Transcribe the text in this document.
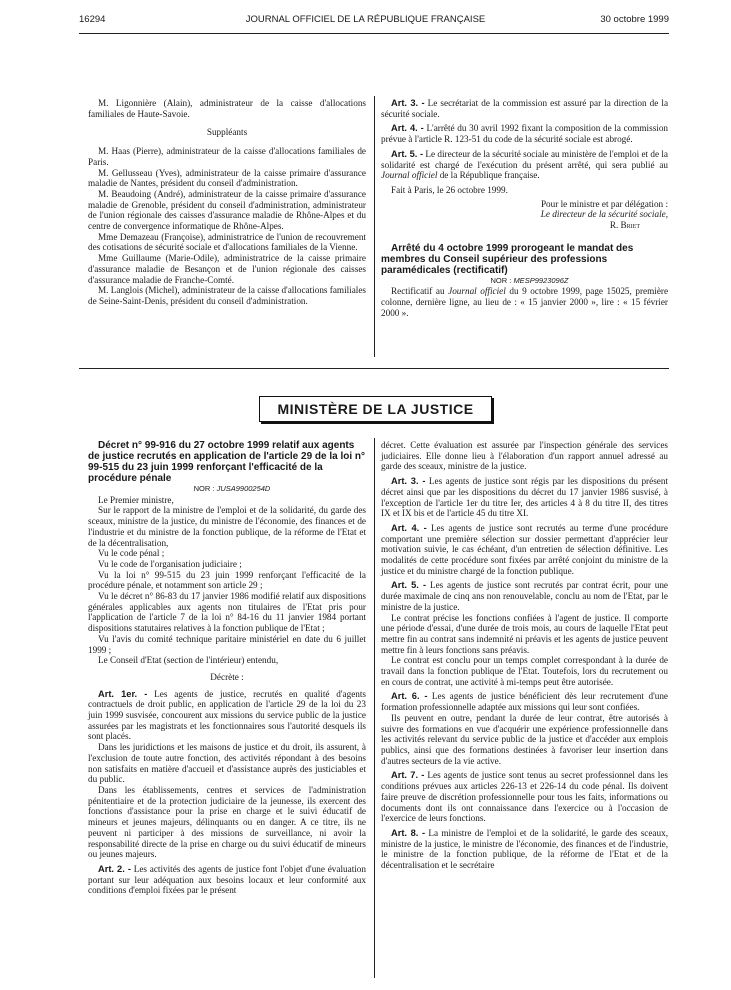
16294	JOURNAL OFFICIEL DE LA RÉPUBLIQUE FRANÇAISE	30 octobre 1999

M. Ligonnière (Alain), administrateur de la caisse d'allocations familiales de Haute-Savoie.

Suppléants

M. Haas (Pierre), administrateur de la caisse d'allocations familiales de Paris.

M. Gellusseau (Yves), administrateur de la caisse primaire d'assurance maladie de Nantes, président du conseil d'administration.

M. Beaudoing (André), administrateur de la caisse primaire d'assurance maladie de Grenoble, président du conseil d'administration, administrateur de l'union régionale des caisses d'assurance maladie de Rhône-Alpes et du centre de convergence informatique de Rhône-Alpes.

Mme Demazeau (Françoise), administratrice de l'union de recouvrement des cotisations de sécurité sociale et d'allocations familiales de la Vienne.

Mme Guillaume (Marie-Odile), administratrice de la caisse primaire d'assurance maladie de Besançon et de l'union régionale des caisses d'assurance maladie de Franche-Comté.

M. Langlois (Michel), administrateur de la caisse d'allocations familiales de Seine-Saint-Denis, président du conseil d'administration.

Art. 3. - Le secrétariat de la commission est assuré par la direction de la sécurité sociale.

Art. 4. - L'arrêté du 30 avril 1992 fixant la composition de la commission prévue à l'article R. 123-51 du code de la sécurité sociale est abrogé.

Art. 5. - Le directeur de la sécurité sociale au ministère de l'emploi et de la solidarité est chargé de l'exécution du présent arrêté, qui sera publié au Journal officiel de la République française.

Fait à Paris, le 26 octobre 1999.

Pour le ministre et par délégation :

Le directeur de la sécurité sociale,

R. Briet

Arrêté du 4 octobre 1999 prorogeant le mandat des membres du Conseil supérieur des professions paramédicales (rectificatif)

NOR : MESP9923096Z

Rectificatif au Journal officiel du 9 octobre 1999, page 15025, première colonne, dernière ligne, au lieu de : « 15 janvier 2000 », lire : « 15 février 2000 ».

MINISTÈRE DE LA JUSTICE

Décret n° 99-916 du 27 octobre 1999 relatif aux agents de justice recrutés en application de l'article 29 de la loi n° 99-515 du 23 juin 1999 renforçant l'efficacité de la procédure pénale

NOR : JUSA9900254D

Le Premier ministre,

Sur le rapport de la ministre de l'emploi et de la solidarité, du garde des sceaux, ministre de la justice, du ministre de l'économie, des finances et de l'industrie et du ministre de la fonction publique, de la réforme de l'Etat et de la décentralisation,

Vu le code pénal ;

Vu le code de l'organisation judiciaire ;

Vu la loi n° 99-515 du 23 juin 1999 renforçant l'efficacité de la procédure pénale, et notamment son article 29 ;

Vu le décret n° 86-83 du 17 janvier 1986 modifié relatif aux dispositions générales applicables aux agents non titulaires de l'Etat pris pour l'application de l'article 7 de la loi n° 84-16 du 11 janvier 1984 portant dispositions statutaires relatives à la fonction publique de l'Etat ;

Vu l'avis du comité technique paritaire ministériel en date du 6 juillet 1999 ;

Le Conseil d'Etat (section de l'intérieur) entendu,

Décrète :

Art. 1er. - Les agents de justice, recrutés en qualité d'agents contractuels de droit public, en application de l'article 29 de la loi du 23 juin 1999 susvisée, concourent aux missions du service public de la justice assurées par les magistrats et les fonctionnaires sous l'autorité desquels ils sont placés.

Dans les juridictions et les maisons de justice et du droit, ils assurent, à l'exclusion de toute autre fonction, des activités répondant à des besoins non satisfaits en matière d'accueil et d'assistance auprès des justiciables et du public.

Dans les établissements, centres et services de l'administration pénitentiaire et de la protection judiciaire de la jeunesse, ils exercent des fonctions d'assistance pour la prise en charge et le suivi éducatif de mineurs et jeunes majeurs, délinquants ou en danger. A ce titre, ils ne peuvent ni participer à des missions de surveillance, ni avoir la responsabilité directe de la prise en charge ou du suivi éducatif de mineurs ou jeunes majeurs.

Art. 2. - Les activités des agents de justice font l'objet d'une évaluation portant sur leur adéquation aux besoins locaux et leur conformité aux conditions d'emploi fixées par le présent

décret. Cette évaluation est assurée par l'inspection générale des services judiciaires. Elle donne lieu à l'élaboration d'un rapport annuel adressé au garde des sceaux, ministre de la justice.

Art. 3. - Les agents de justice sont régis par les dispositions du présent décret ainsi que par les dispositions du décret du 17 janvier 1986 susvisé, à l'exception de l'article 1er du titre Ier, des articles 4 à 8 du titre II, des titres IX et IX bis et de l'article 45 du titre XI.

Art. 4. - Les agents de justice sont recrutés au terme d'une procédure comportant une première sélection sur dossier permettant d'apprécier leur motivation suivie, le cas échéant, d'un entretien de sélection définitive. Les modalités de cette procédure sont fixées par arrêté conjoint du ministre de la justice et du ministre chargé de la fonction publique.

Art. 5. - Les agents de justice sont recrutés par contrat écrit, pour une durée maximale de cinq ans non renouvelable, conclu au nom de l'Etat, par le ministre de la justice.

Le contrat précise les fonctions confiées à l'agent de justice. Il comporte une période d'essai, d'une durée de trois mois, au cours de laquelle l'Etat peut mettre fin au contrat sans indemnité ni préavis et les agents de justice peuvent mettre fin à leurs fonctions sans préavis.

Le contrat est conclu pour un temps complet correspondant à la durée de travail dans la fonction publique de l'Etat. Toutefois, lors du recrutement ou en cours de contrat, une activité à mi-temps peut être autorisée.

Art. 6. - Les agents de justice bénéficient dès leur recrutement d'une formation professionnelle adaptée aux missions qui leur sont confiées.

Ils peuvent en outre, pendant la durée de leur contrat, être autorisés à suivre des formations en vue d'acquérir une expérience professionnelle dans les activités relevant du service public de la justice et d'accéder aux emplois publics, ainsi que des formations destinées à favoriser leur insertion dans d'autres secteurs de la vie active.

Art. 7. - Les agents de justice sont tenus au secret professionnel dans les conditions prévues aux articles 226-13 et 226-14 du code pénal. Ils doivent faire preuve de discrétion professionnelle pour tous les faits, informations ou documents dont ils ont connaissance dans l'exercice ou à l'occasion de l'exercice de leurs fonctions.

Art. 8. - La ministre de l'emploi et de la solidarité, le garde des sceaux, ministre de la justice, le ministre de l'économie, des finances et de l'industrie, le ministre de la fonction publique, de la réforme de l'Etat et de la décentralisation et le secrétaire
